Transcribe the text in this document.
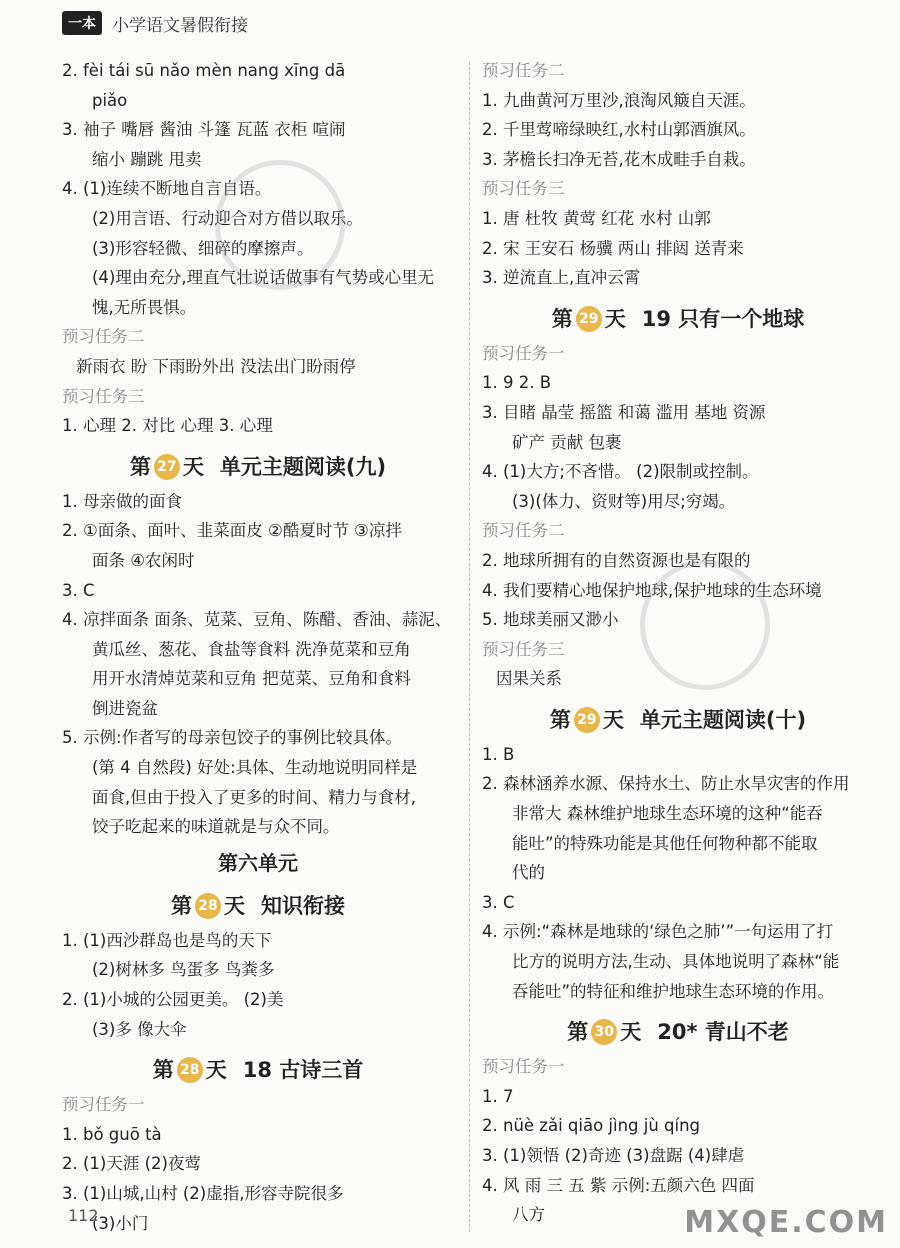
一本 小学语文暑假衔接

2. fèi tái sū nǎo mèn nang xīng dā

piǎo

3. 袖子 嘴唇 酱油 斗篷 瓦蓝 衣柜 喧闹

缩小 蹦跳 甩卖

4. (1)连续不断地自言自语。

(2)用言语、行动迎合对方借以取乐。

(3)形容轻微、细碎的摩擦声。

(4)理由充分,理直气壮说话做事有气势或心里无

愧,无所畏惧。

预习任务二

新雨衣 盼 下雨盼外出 没法出门盼雨停

预习任务三

1. 心理 2. 对比 心理 3. 心理

第 27 天 单元主题阅读(九)

1. 母亲做的面食

2. ①面条、面叶、韭菜面皮 ②酷夏时节 ③凉拌

面条 ④农闲时

3. C

4. 凉拌面条 面条、苋菜、豆角、陈醋、香油、蒜泥、

黄瓜丝、葱花、食盐等食料 洗净苋菜和豆角

用开水清焯苋菜和豆角 把苋菜、豆角和食料

倒进瓷盆

5. 示例:作者写的母亲包饺子的事例比较具体。

(第 4 自然段) 好处:具体、生动地说明同样是

面食,但由于投入了更多的时间、精力与食材,

饺子吃起来的味道就是与众不同。

第六单元

第 28 天 知识衔接

1. (1)西沙群岛也是鸟的天下

(2)树林多 鸟蛋多 鸟粪多

2. (1)小城的公园更美。 (2)美

(3)多 像大伞

第 28 天 18 古诗三首

预习任务一

1. bǒ guō tà

2. (1)天涯 (2)夜莺

3. (1)山城,山村 (2)虚指,形容寺院很多

(3)小门

预习任务二

1. 九曲黄河万里沙,浪淘风簸自天涯。

2. 千里莺啼绿映红,水村山郭酒旗风。

3. 茅檐长扫净无苔,花木成畦手自栽。

预习任务三

1. 唐 杜牧 黄莺 红花 水村 山郭

2. 宋 王安石 杨骥 两山 排闼 送青来

3. 逆流直上,直冲云霄

第 29 天 19 只有一个地球

预习任务一

1. 9 2. B

3. 目睹 晶莹 摇篮 和蔼 滥用 基地 资源

矿产 贡献 包裹

4. (1)大方;不吝惜。 (2)限制或控制。

(3)(体力、资财等)用尽;穷竭。

预习任务二

2. 地球所拥有的自然资源也是有限的

4. 我们要精心地保护地球,保护地球的生态环境

5. 地球美丽又渺小

预习任务三

因果关系

第 29 天 单元主题阅读(十)

1. B

2. 森林涵养水源、保持水土、防止水旱灾害的作用

非常大 森林维护地球生态环境的这种“能吞

能吐”的特殊功能是其他任何物种都不能取

代的

3. C

4. 示例:“森林是地球的‘绿色之肺’”一句运用了打

比方的说明方法,生动、具体地说明了森林“能

吞能吐”的特征和维护地球生态环境的作用。

第 30 天 20* 青山不老

预习任务一

1. 7

2. nüè zǎi qiāo jìng jù qíng

3. (1)领悟 (2)奇迹 (3)盘踞 (4)肆虐

4. 风 雨 三 五 紫 示例:五颜六色 四面

八方

112	MXQE.COM
